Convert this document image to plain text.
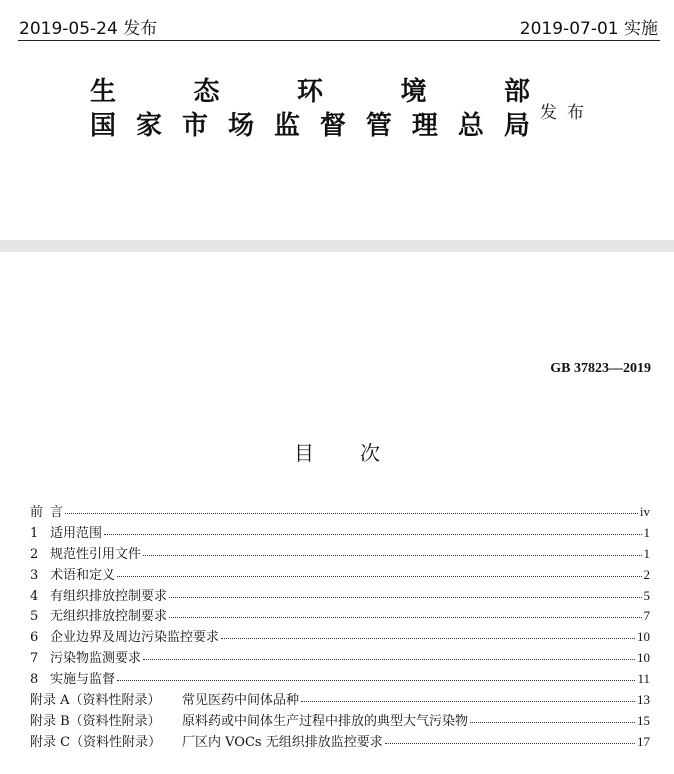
2019-05-24 发布	2019-07-01 实施
生	态	环	境	部
国 家 市 场 监 督 管 理 总 局 发布
GB 37823—2019
目次
前 言	iv
1 适用范围	1
2 规范性引用文件	1
3 术语和定义	2
4 有组织排放控制要求	5
5 无组织排放控制要求	7
6 企业边界及周边污染监控要求	10
7 污染物监测要求	10
8 实施与监督	11
附录 A（资料性附录） 常见医药中间体品种	13
附录 B（资料性附录） 原料药或中间体生产过程中排放的典型大气污染物	15
附录 C（资料性附录） 厂区内 VOCs 无组织排放监控要求	17
